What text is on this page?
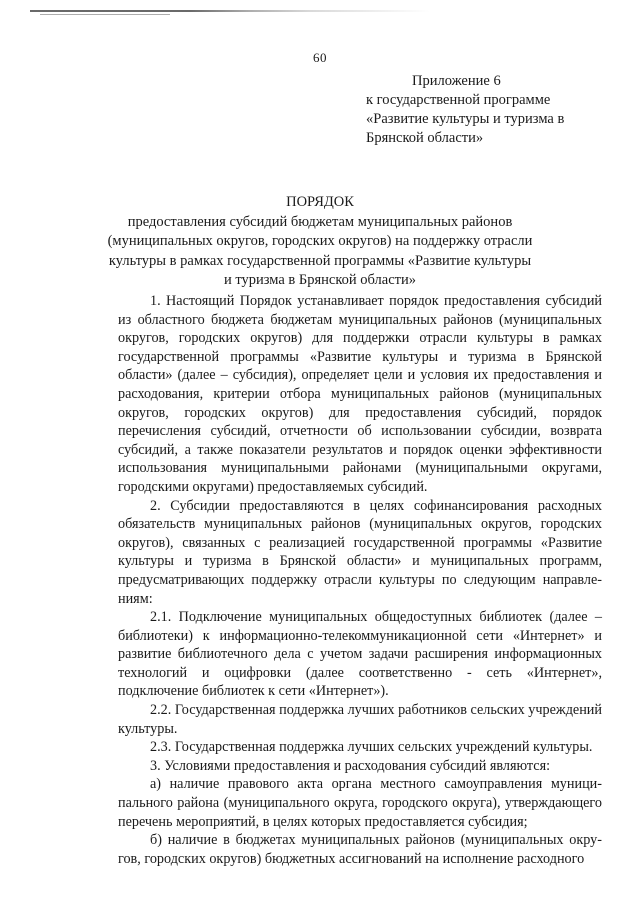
60
Приложение 6
к государственной программе
«Развитие культуры и туризма в
Брянской области»
ПОРЯДОК
предоставления субсидий бюджетам муниципальных районов
(муниципальных округов, городских округов) на поддержку отрасли
культуры в рамках государственной программы «Развитие культуры
и туризма в Брянской области»

1. Настоящий Порядок устанавливает порядок предоставления субсидий из областного бюджета бюджетам муниципальных районов (муниципальных округов, городских округов) для поддержки отрасли культуры в рамках государственной программы «Развитие культуры и туризма в Брянской области» (далее – субсидия), определяет цели и условия их предоставления и расходования, критерии отбора муниципальных районов (муниципальных округов, городских округов) для предоставления субсидий, порядок перечисления субсидий, отчетности об использовании субсидии, возврата субсидий, а также показатели результатов и порядок оценки эффективности использования муниципальными районами (муниципальными округами, городскими округами) предоставляемых субсидий.

2. Субсидии предоставляются в целях софинансирования расходных обязательств муниципальных районов (муниципальных округов, городских округов), связанных с реализацией государственной программы «Развитие культуры и туризма в Брянской области» и муниципальных программ, предусматривающих поддержку отрасли культуры по следующим направлениям:

2.1. Подключение муниципальных общедоступных библиотек (далее – библиотеки) к информационно-телекоммуникационной сети «Интернет» и развитие библиотечного дела с учетом задачи расширения информационных технологий и оцифровки (далее соответственно - сеть «Интернет», подключение библиотек к сети «Интернет»).

2.2. Государственная поддержка лучших работников сельских учреждений культуры.

2.3. Государственная поддержка лучших сельских учреждений культуры.

3. Условиями предоставления и расходования субсидий являются:

а) наличие правового акта органа местного самоуправления муниципального района (муниципального округа, городского округа), утверждающего перечень мероприятий, в целях которых предоставляется субсидия;

б) наличие в бюджетах муниципальных районов (муниципальных округов, городских округов) бюджетных ассигнований на исполнение расходного
